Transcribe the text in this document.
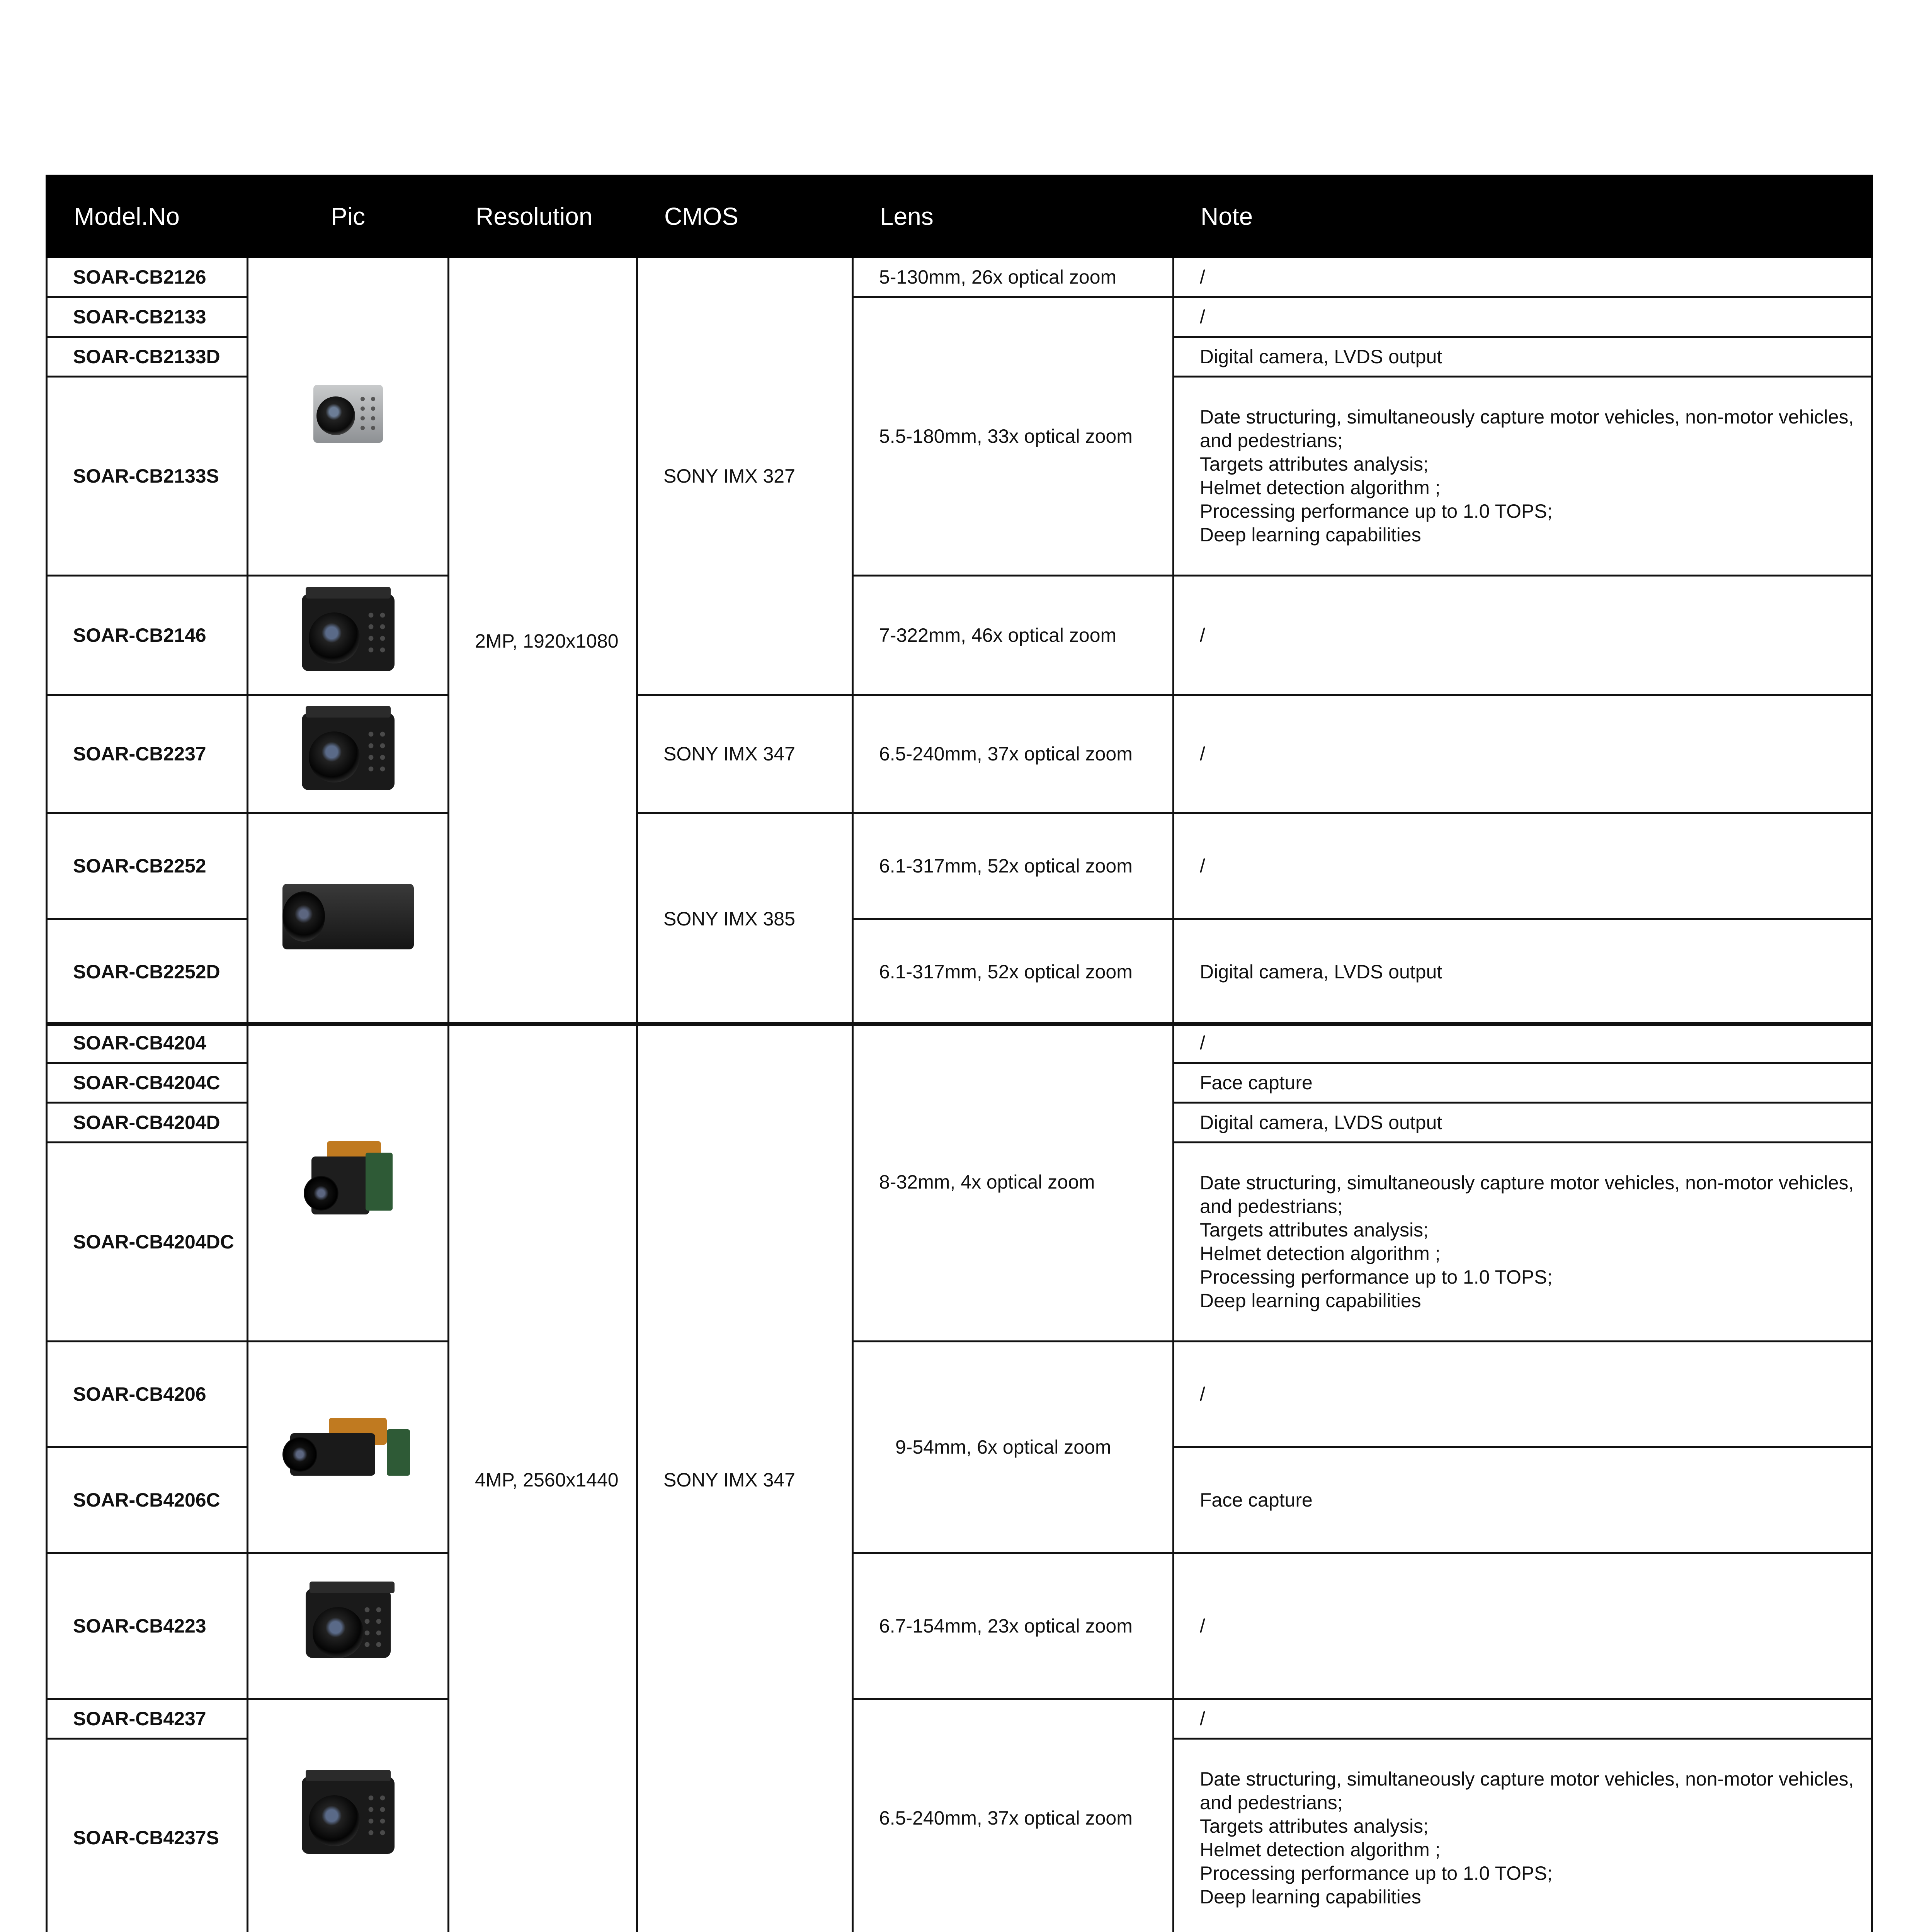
Model.No	Pic	Resolution	CMOS	Lens	Note
SOAR-CB2126		2MP, 1920x1080	SONY IMX 327	5-130mm, 26x optical zoom	/
SOAR-CB2133				5.5-180mm, 33x optical zoom	/
SOAR-CB2133D					Digital camera, LVDS output
SOAR-CB2133S					Date structuring, simultaneously capture motor vehicles, non-motor vehicles, and pedestrians;
Targets attributes analysis;
Helmet detection algorithm ;
Processing performance up to 1.0 TOPS;
Deep learning capabilities

SOAR-CB2146				7-322mm, 46x optical zoom	/
SOAR-CB2237			SONY IMX 347	6.5-240mm, 37x optical zoom	/
SOAR-CB2252			SONY IMX 385	6.1-317mm, 52x optical zoom	/
SOAR-CB2252D				6.1-317mm, 52x optical zoom	Digital camera, LVDS output
SOAR-CB4204		4MP, 2560x1440	SONY IMX 347	8-32mm, 4x optical zoom	/
SOAR-CB4204C					Face capture
SOAR-CB4204D					Digital camera, LVDS output
SOAR-CB4204DC					Date structuring, simultaneously capture motor vehicles, non-motor vehicles, and pedestrians;
Targets attributes analysis;
Helmet detection algorithm ;
Processing performance up to 1.0 TOPS;
Deep learning capabilities

SOAR-CB4206				9-54mm, 6x optical zoom	/
SOAR-CB4206C					Face capture
SOAR-CB4223				6.7-154mm, 23x optical zoom	/
SOAR-CB4237				6.5-240mm, 37x optical zoom	/
SOAR-CB4237S					Date structuring, simultaneously capture motor vehicles, non-motor vehicles, and pedestrians;
Targets attributes analysis;
Helmet detection algorithm ;
Processing performance up to 1.0 TOPS;
Deep learning capabilities
